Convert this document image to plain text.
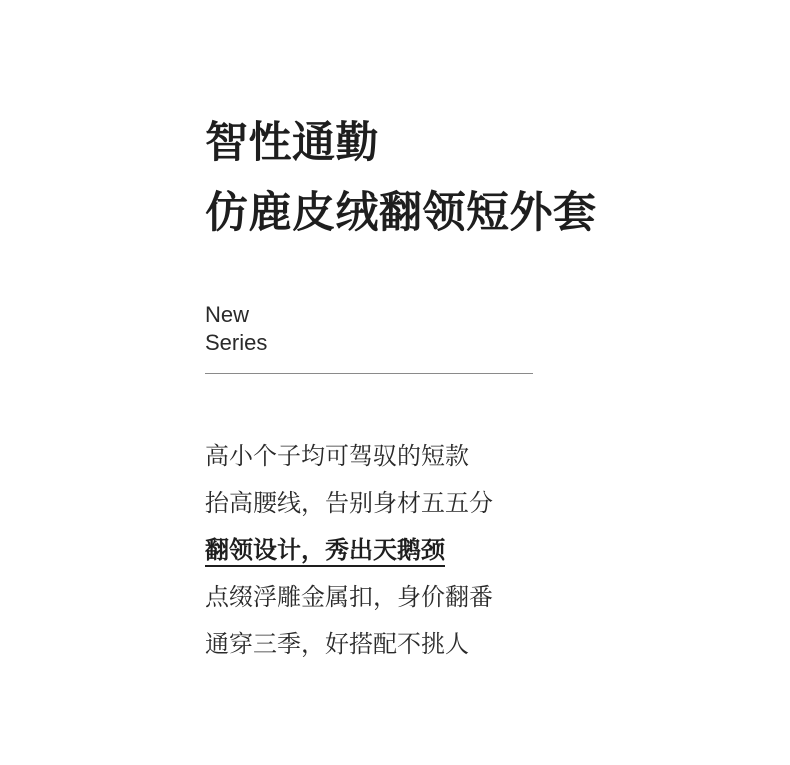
智性通勤
仿鹿皮绒翻领短外套
New
Series
高小个子均可驾驭的短款
抬高腰线，告别身材五五分
翻领设计，秀出天鹅颈
点缀浮雕金属扣，身价翻番
通穿三季，好搭配不挑人
